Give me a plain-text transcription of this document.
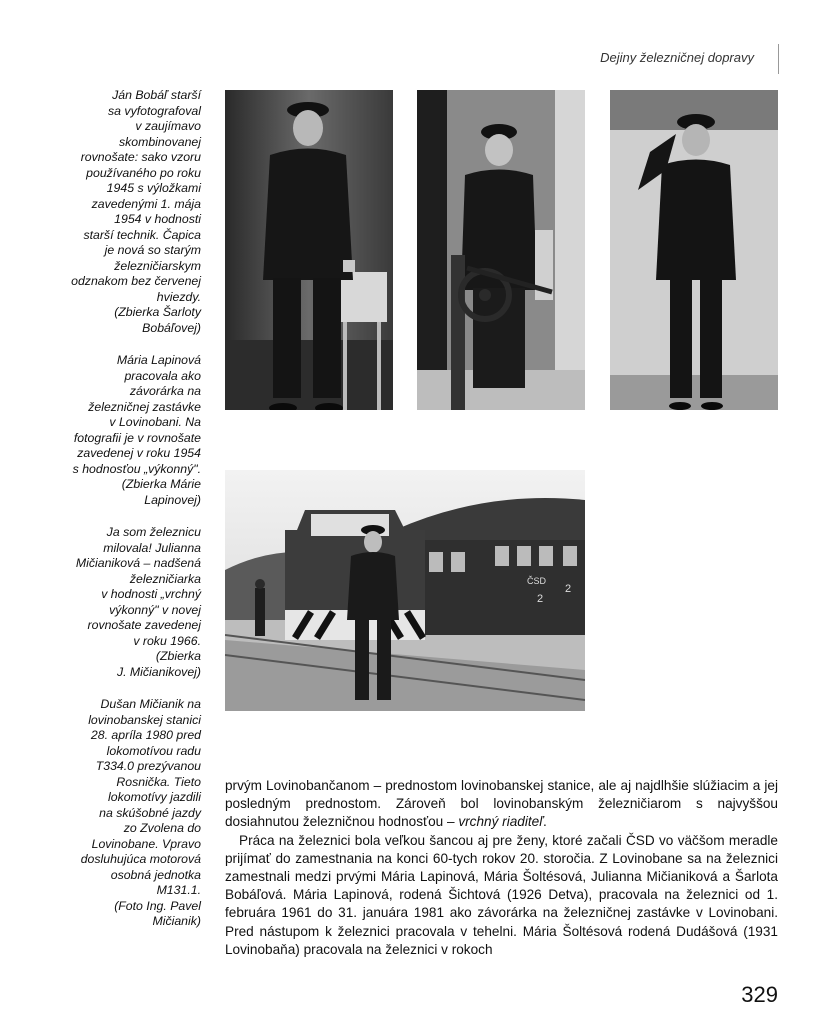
Dejiny železničnej dopravy

Ján Bobáľ starší
sa vyfotografoval
v zaujímavo
skombinovanej
rovnošate: sako vzoru
používaného po roku
1945 s výložkami
zavedenými 1. mája
1954 v hodnosti
starší technik. Čapica
je nová so starým
železničiarskym
odznakom bez červenej
hviezdy.
(Zbierka Šarloty
Bobáľovej)

Mária Lapinová
pracovala ako
závorárka na
železničnej zastávke
v Lovinobani. Na
fotografii je v rovnošate
zavedenej v roku 1954
s hodnosťou „výkonný".
(Zbierka Márie
Lapinovej)

Ja som železnicu
milovala! Julianna
Mičianiková – nadšená
železničiarka
v hodnosti „vrchný
výkonný" v novej
rovnošate zavedenej
v roku 1966.
(Zbierka
J. Mičianikovej)

Dušan Mičianik na
lovinobanskej stanici
28. apríla 1980 pred
lokomotívou radu
T334.0 prezývanou
Rosnička. Tieto
lokomotívy jazdili
na skúšobné jazdy
zo Zvolena do
Lovinobane. Vpravo
dosluhujúca motorová
osobná jednotka
M131.1.
(Foto Ing. Pavel
Mičianik)

ČSD
2
2

prvým Lovinobančanom – prednostom lovinobanskej stanice, ale aj najdlhšie slúžiacim a jej posledným prednostom. Zároveň bol lovinobanským železničiarom s najvyššou dosiahnutou železničnou hodnosťou – vrchný riaditeľ.

Práca na železnici bola veľkou šancou aj pre ženy, ktoré začali ČSD vo väčšom meradle prijímať do zamestnania na konci 60-tych rokov 20. storočia. Z Lovinobane sa na železnici zamestnali medzi prvými Mária Lapinová, Mária Šoltésová, Julianna Mičianiková a Šarlota Bobáľová. Mária Lapinová, rodená Šichtová (1926 Detva), pracovala na železnici od 1. februára 1961 do 31. januára 1981 ako závorárka na železničnej zastávke v Lovinobani. Pred nástupom k železnici pracovala v tehelni. Mária Šoltésová rodená Dudášová (1931 Lovinobaňa) pracovala na železnici v rokoch

329
